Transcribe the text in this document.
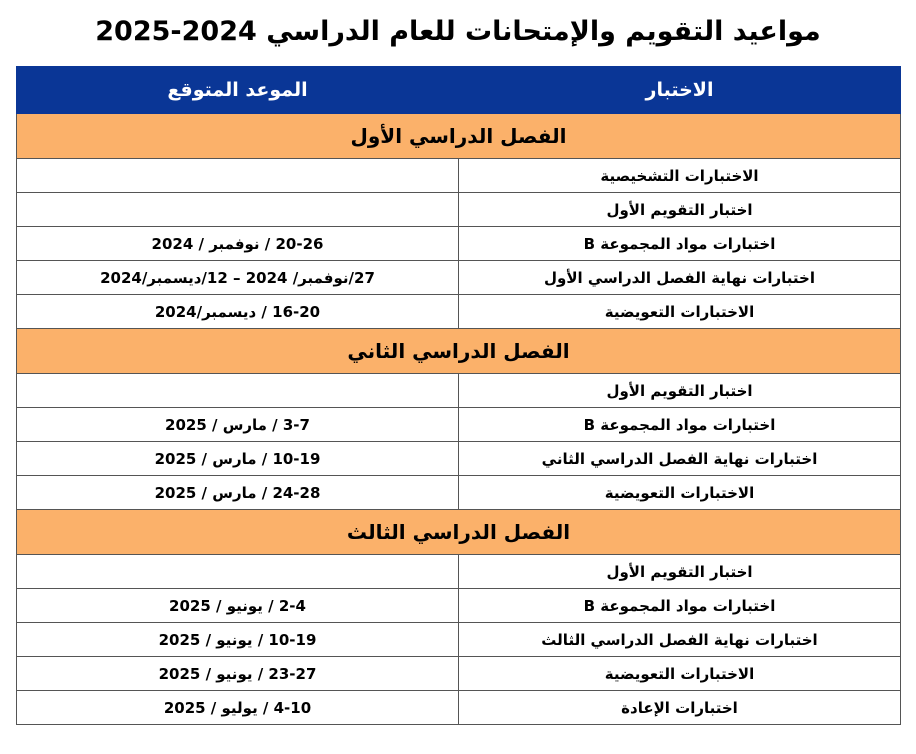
مواعيد التقويم والإمتحانات للعام الدراسي 2024-2025
الموعد المتوقع	الاختبار
الفصل الدراسي الأول	
	الاختبارات التشخيصية
	اختبار التقويم الأول
20-26 / نوفمبر / 2024	اختبارات مواد المجموعة B
27/نوفمبر/ 2024 – 12/ديسمبر/2024	اختبارات نهاية الفصل الدراسي الأول
16-20 / ديسمبر/2024	الاختبارات التعويضية
الفصل الدراسي الثاني	
	اختبار التقويم الأول
3-7 / مارس / 2025	اختبارات مواد المجموعة B
10-19 / مارس / 2025	اختبارات نهاية الفصل الدراسي الثاني
24-28 / مارس / 2025	الاختبارات التعويضية
الفصل الدراسي الثالث	
	اختبار التقويم الأول
2-4 / يونيو / 2025	اختبارات مواد المجموعة B
10-19 / يونيو / 2025	اختبارات نهاية الفصل الدراسي الثالث
23-27 / يونيو / 2025	الاختبارات التعويضية
4-10 / يوليو / 2025	اختبارات الإعادة
